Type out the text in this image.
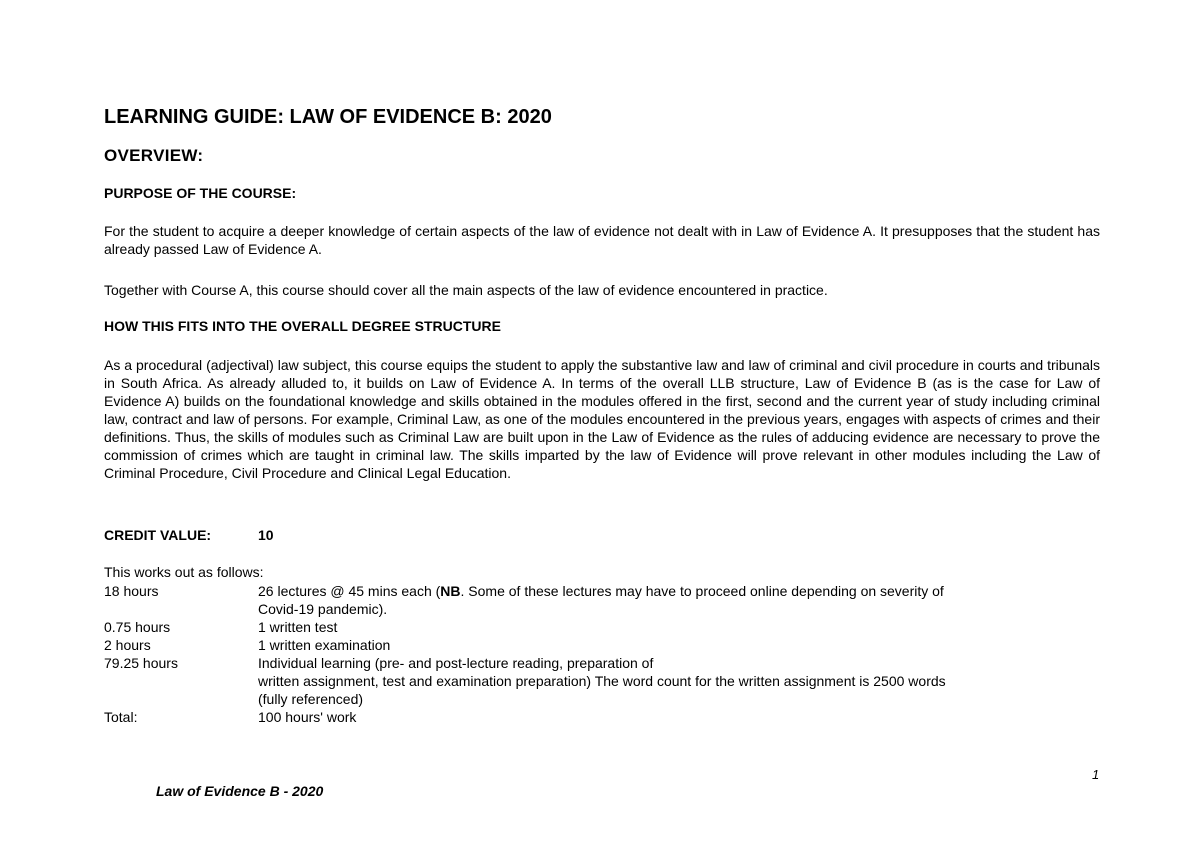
LEARNING GUIDE: LAW OF EVIDENCE B: 2020
OVERVIEW:
PURPOSE OF THE COURSE:

For the student to acquire a deeper knowledge of certain aspects of the law of evidence not dealt with in Law of Evidence A. It presupposes that the student has already passed Law of Evidence A.

Together with Course A, this course should cover all the main aspects of the law of evidence encountered in practice.

HOW THIS FITS INTO THE OVERALL DEGREE STRUCTURE

As a procedural (adjectival) law subject, this course equips the student to apply the substantive law and law of criminal and civil procedure in courts and tribunals in South Africa. As already alluded to, it builds on Law of Evidence A. In terms of the overall LLB structure, Law of Evidence B (as is the case for Law of Evidence A) builds on the foundational knowledge and skills obtained in the modules offered in the first, second and the current year of study including criminal law, contract and law of persons. For example, Criminal Law, as one of the modules encountered in the previous years, engages with aspects of crimes and their definitions. Thus, the skills of modules such as Criminal Law are built upon in the Law of Evidence as the rules of adducing evidence are necessary to prove the commission of crimes which are taught in criminal law. The skills imparted by the law of Evidence will prove relevant in other modules including the Law of Criminal Procedure, Civil Procedure and Clinical Legal Education.

CREDIT VALUE:	10
This works out as follows:
18 hours	26 lectures @ 45 mins each (NB. Some of these lectures may have to proceed online depending on severity of
Covid-19 pandemic).
0.75 hours	1 written test
2 hours	1 written examination
79.25 hours	Individual learning (pre- and post-lecture reading, preparation of
written assignment, test and examination preparation) The word count for the written assignment is 2500 words
(fully referenced)
Total:	100 hours' work
1
Law of Evidence B - 2020
